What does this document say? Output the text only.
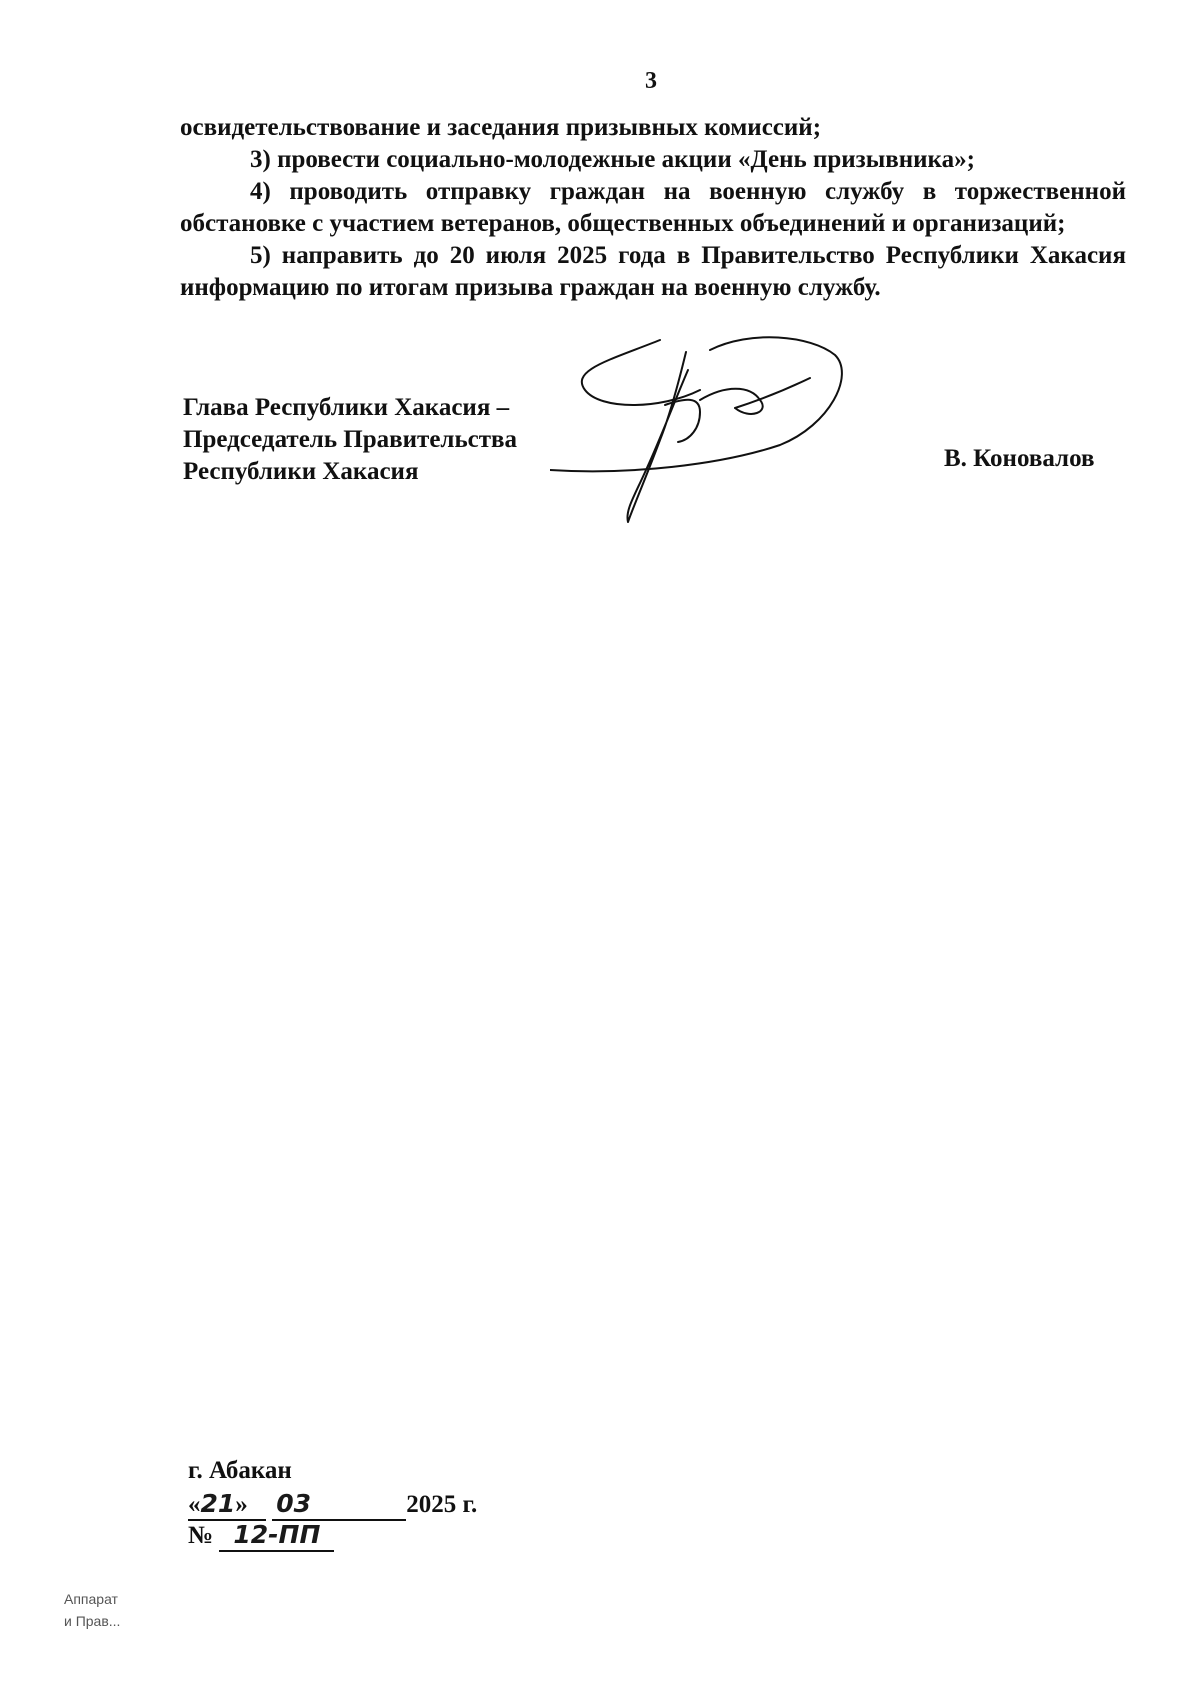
3

освидетельствование и заседания призывных комиссий;

3) провести социально-молодежные акции «День призывника»;

4) проводить отправку граждан на военную службу в торжественной обстановке с участием ветеранов, общественных объединений и организаций;

5) направить до 20 июля 2025 года в Правительство Республики Хакасия информацию по итогам призыва граждан на военную службу.

Глава Республики Хакасия –
Председатель Правительства
Республики Хакасия	В. Коновалов
г. Абакан
«21» 03	2025 г.
№ 12-ПП
Аппарат
и Прав...
